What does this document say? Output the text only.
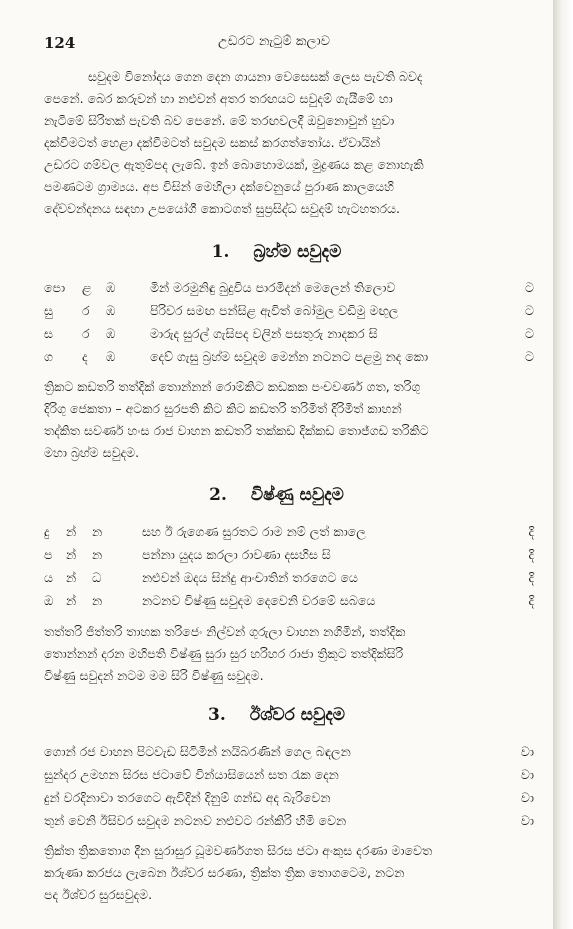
124	උඩරට නැටුම් කලාව
සවුදම විනෝදය ගෙන දෙන ගායනා වෙසෙසක් ලෙස පැවති බවද
පෙනේ. බෙර කරුවන් හා නළුවන් අතර තරඟයට සවුදම් ගැයීමේ හා
නැටීමේ සිරිතක් පැවති බව පෙනේ. මේ තරඟවලදී ඔවුනොවුන් හුවා
දක්වීමටත් හෙළා දක්වීමටත් සවුදම සකස් කරගත්තෝය. ඒවායින්
උඩරට ගම්වල ඇතුම්පද ලැබේ. ඉන් බොහොමයක්, මුද්‍රණය කළ නොහැකි
පමණටම ග්‍රාම්‍යය. අප විසින් මෙහිලා දක්වෙනුයේ පුරාණ කාලයෙහි
දේවවන්දනය සඳහා උපයෝගී කොටගත් සුප්‍රසිද්ධ සවුදම් හැටහතරය.
1. බ්‍රහ්ම සවුදම
පො ළ ඹ	මින් මරමුනිඳු බුදුවිය පාරමිදන් මෙලෙන් තිලොව	ට
සු ර ඹ	පිරිවර සමඟ පන්සිළ ඇවිත් බෝමුල වඩිමු මඟුල	ට
ස ර ඹ	මාරුද සුරල් ගැසිපද වලින් පසතුරු නාදකර සි	ට
ග ද ඹ	දෙව් ගැසු බ්‍රහ්ම සවුදම මෙන්න නටනට පළමු නද කො	ට
ත්‍රිකට කඩතරි තත්දික් තොන්නන් රොම්කිට කඩකක පංචවර්ණ ගත, තරිගු
දිරිගු ජෙකතා – අටකර සුරපති කිට කිට කඩතරි තරිමිත් දිරිමිත් කාහන්
තද්කිත සවර්ණ හංස රාජ වාහන කඩතරි තක්කඩ දික්කඩ තොජ්ගඩ තරිකිට
මහා බ්‍රහ්ම සවුදම.
2. විෂ්ණු සවුදම
දු න් න	සහ ඊ රුගෙණ සුරතට රාම නම් ලත් කාලෙ	දි
ප න් න	පන්නා යුදය කරලා රාවණා දසහිස සි	දි
ය න් ධ	නළුවන් ඔදය සින්දු ආංචාතින් තරගෙට යෙ	දි
ඔ න් න	නටනව විෂ්ණු සවුදම දෙවෙනි වරමේ සබයෙ	දි
තත්තරි ජිත්තරි තාහක තරිජෙං නිල්වන් ගුරුලා වාහන නගිමින්, තත්දික
තොන්නන් දරන මහිපති විෂ්ණු සුරා සුර හරිහර රාජා ත්‍රිකුට තත්දික්සිරි
විෂ්ණු සවුදන් නටම මම සිරි විෂ්ණු සවුදම.
3. ඊශ්වර සවුදම
ගොන් රජ වාහන පිටවැඩ සිටිමින් නයිබරණින් ගෙල බඳලන	වා
සුන්දර උමහන සිරස ජටාවේ වින්යාසියෙන් සත රැක දෙන	වා
දුන් වරදිනාවා තරගෙට ඇවිදින් දිනුම් ගන්ඩ අද බැරිවෙන	වා
තුන් වෙනි ඊසිවර සවුදම නටනව නළුවට රන්කිරි හිමි වෙන	වා
ත්‍රික්ත ත්‍රිකතොග දීන සුරාසුර ධූමවර්ණගත සිරස ජටා අංකුස දරණා මාවෙත
කරුණා කරජය ලැබෙන ඊශ්වර සරණා, ත්‍රික්ත ත්‍රික තොගටෙම, නටන
පද ඊශ්වර සුරසවුදම.
